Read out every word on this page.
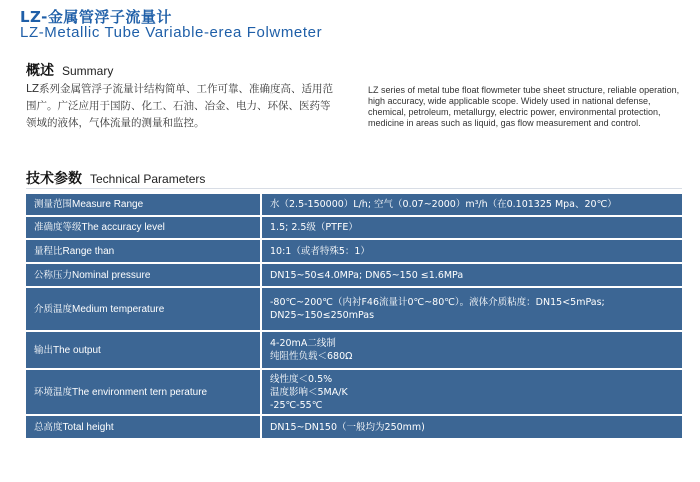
LZ-金属管浮子流量计
LZ-Metallic Tube Variable-erea Folwmeter
概述 Summary

LZ系列金属管浮子流量计结构简单、工作可靠、准确度高、适用范围广。广泛应用于国防、化工、石油、冶金、电力、环保、医药等领域的液体，气体流量的测量和监控。

LZ series of metal tube float flowmeter tube sheet structure, reliable operation, high accuracy, wide applicable scope. Widely used in national defense, chemical, petroleum, metallurgy, electric power, environmental protection, medicine in areas such as liquid, gas flow measurement and control.

技术参数 Technical Parameters
测量范围Measure Range	水（2.5-150000）L/h; 空气（0.07~2000）m³/h（在0.101325 Mpa、20℃）

准确度等级The accuracy level	1.5; 2.5级（PTFE）

量程比Range than	10:1（或者特殊5：1）

公称压力Nominal pressure	DN15~50≤4.0MPa; DN65~150 ≤1.6MPa

介质温度Medium temperature	-80℃~200℃（内衬F46流量计0℃~80℃）。液体介质粘度：DN15<5mPas;
DN25~150≤250mPas

输出The output	4-20mA二线制
纯阻性负载＜680Ω

环境温度The environment tern perature	线性度＜0.5%
温度影响＜5MA/K
-25℃-55℃

总高度Total height	DN15~DN150（一般均为250mm)
